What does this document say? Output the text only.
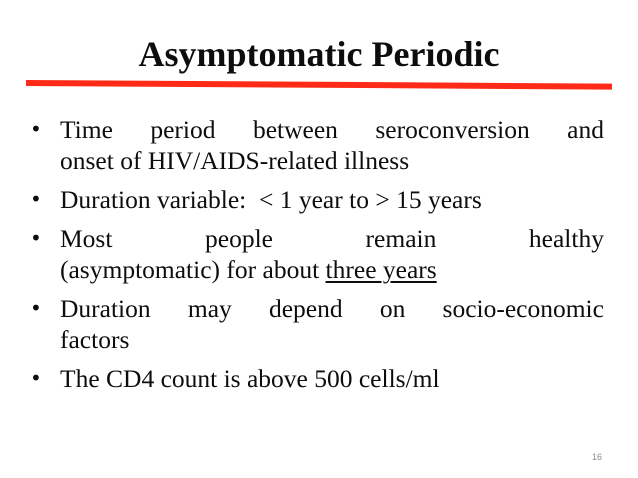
Asymptomatic Periodic
• Time period between seroconversion and
onset of HIV/AIDS-related illness
• Duration variable:  < 1 year to > 15 years
• Most	people	remain	healthy
(asymptomatic) for about three years
• Duration may depend on socio-economic
factors
• The CD4 count is above 500 cells/ml
16
